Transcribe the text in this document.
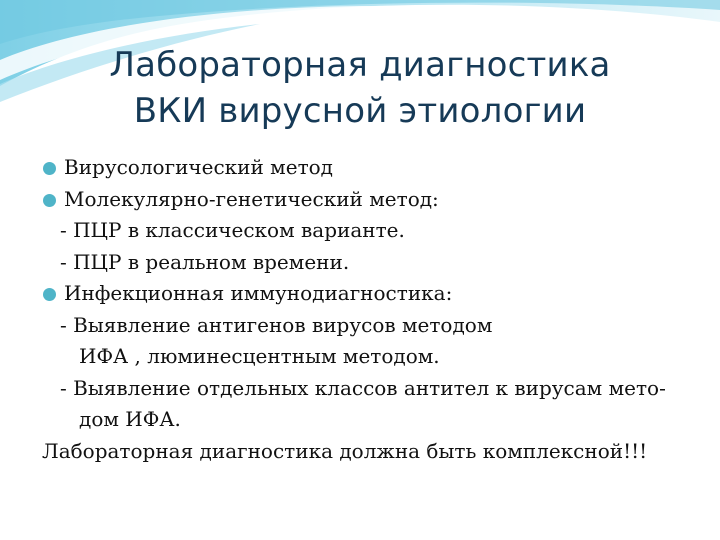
Лабораторная диагностика
ВКИ вирусной этиологии
Вирусологический метод
Молекулярно-генетический метод:
- ПЦР в классическом варианте.
- ПЦР в реальном времени.
Инфекционная иммунодиагностика:
- Выявление антигенов вирусов методом
ИФА , люминесцентным методом.
- Выявление отдельных классов антител к вирусам мето-
дом ИФА.
Лабораторная диагностика должна быть комплексной!!!
